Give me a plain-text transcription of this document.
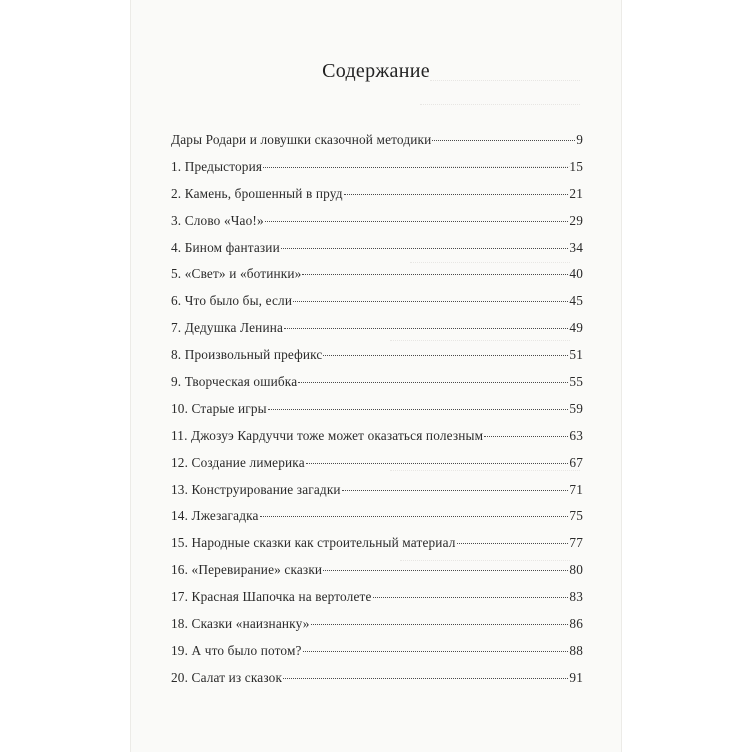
Содержание
Дары Родари и ловушки сказочной методики	9
1. Предыстория	15
2. Камень, брошенный в пруд	21
3. Слово «Чао!»	29
4. Бином фантазии	34
5. «Свет» и «ботинки»	40
6. Что было бы, если	45
7. Дедушка Ленина	49
8. Произвольный префикс	51
9. Творческая ошибка	55
10. Старые игры	59
11. Джозуэ Кардуччи тоже может оказаться полезным	63
12. Создание лимерика	67
13. Конструирование загадки	71
14. Лжезагадка	75
15. Народные сказки как строительный материал	77
16. «Перевирание» сказки	80
17. Красная Шапочка на вертолете	83
18. Сказки «наизнанку»	86
19. А что было потом?	88
20. Салат из сказок	91
